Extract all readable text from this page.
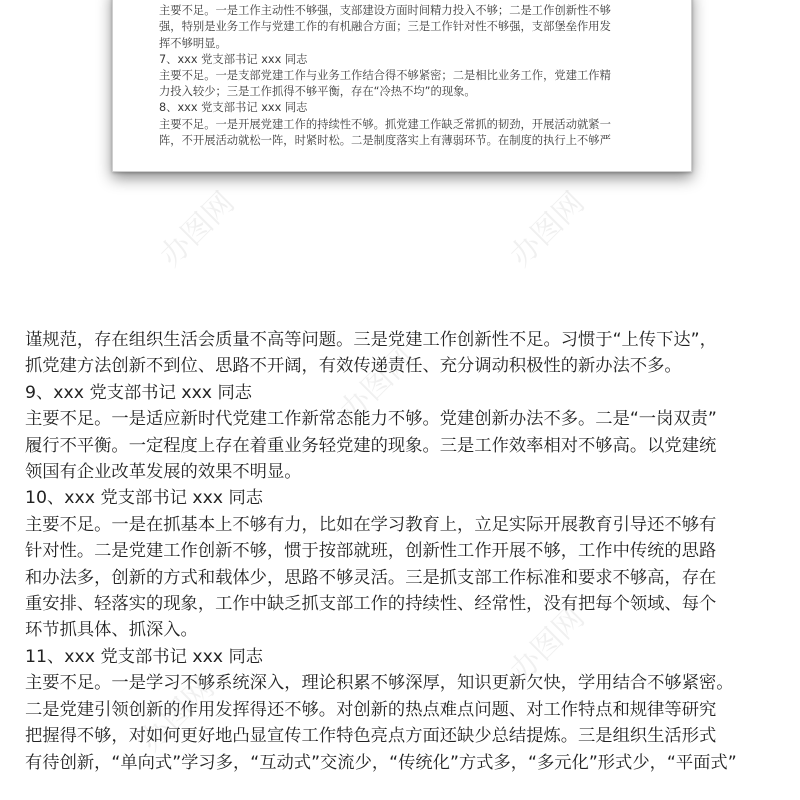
办图网	办图网
办图网
办图网
办图网
主要不足。一是工作主动性不够强，支部建设方面时间精力投入不够；二是工作创新性不够
强，特别是业务工作与党建工作的有机融合方面；三是工作针对性不够强，支部堡垒作用发
挥不够明显。
7、xxx 党支部书记 xxx 同志
主要不足。一是支部党建工作与业务工作结合得不够紧密；二是相比业务工作，党建工作精
力投入较少；三是工作抓得不够平衡，存在“冷热不均”的现象。
8、xxx 党支部书记 xxx 同志
主要不足。一是开展党建工作的持续性不够。抓党建工作缺乏常抓的韧劲，开展活动就紧一
阵，不开展活动就松一阵，时紧时松。二是制度落实上有薄弱环节。在制度的执行上不够严
谨规范，存在组织生活会质量不高等问题。三是党建工作创新性不足。习惯于“上传下达”，
抓党建方法创新不到位、思路不开阔，有效传递责任、充分调动积极性的新办法不多。
9、xxx 党支部书记 xxx 同志
主要不足。一是适应新时代党建工作新常态能力不够。党建创新办法不多。二是“一岗双责”
履行不平衡。一定程度上存在着重业务轻党建的现象。三是工作效率相对不够高。以党建统
领国有企业改革发展的效果不明显。
10、xxx 党支部书记 xxx 同志
主要不足。一是在抓基本上不够有力，比如在学习教育上，立足实际开展教育引导还不够有
针对性。二是党建工作创新不够，惯于按部就班，创新性工作开展不够，工作中传统的思路
和办法多，创新的方式和载体少，思路不够灵活。三是抓支部工作标准和要求不够高，存在
重安排、轻落实的现象，工作中缺乏抓支部工作的持续性、经常性，没有把每个领域、每个
环节抓具体、抓深入。
11、xxx 党支部书记 xxx 同志
主要不足。一是学习不够系统深入，理论积累不够深厚，知识更新欠快，学用结合不够紧密。
二是党建引领创新的作用发挥得还不够。对创新的热点难点问题、对工作特点和规律等研究
把握得不够，对如何更好地凸显宣传工作特色亮点方面还缺少总结提炼。三是组织生活形式
有待创新，“单向式”学习多，“互动式”交流少，“传统化”方式多，“多元化”形式少，“平面式”
